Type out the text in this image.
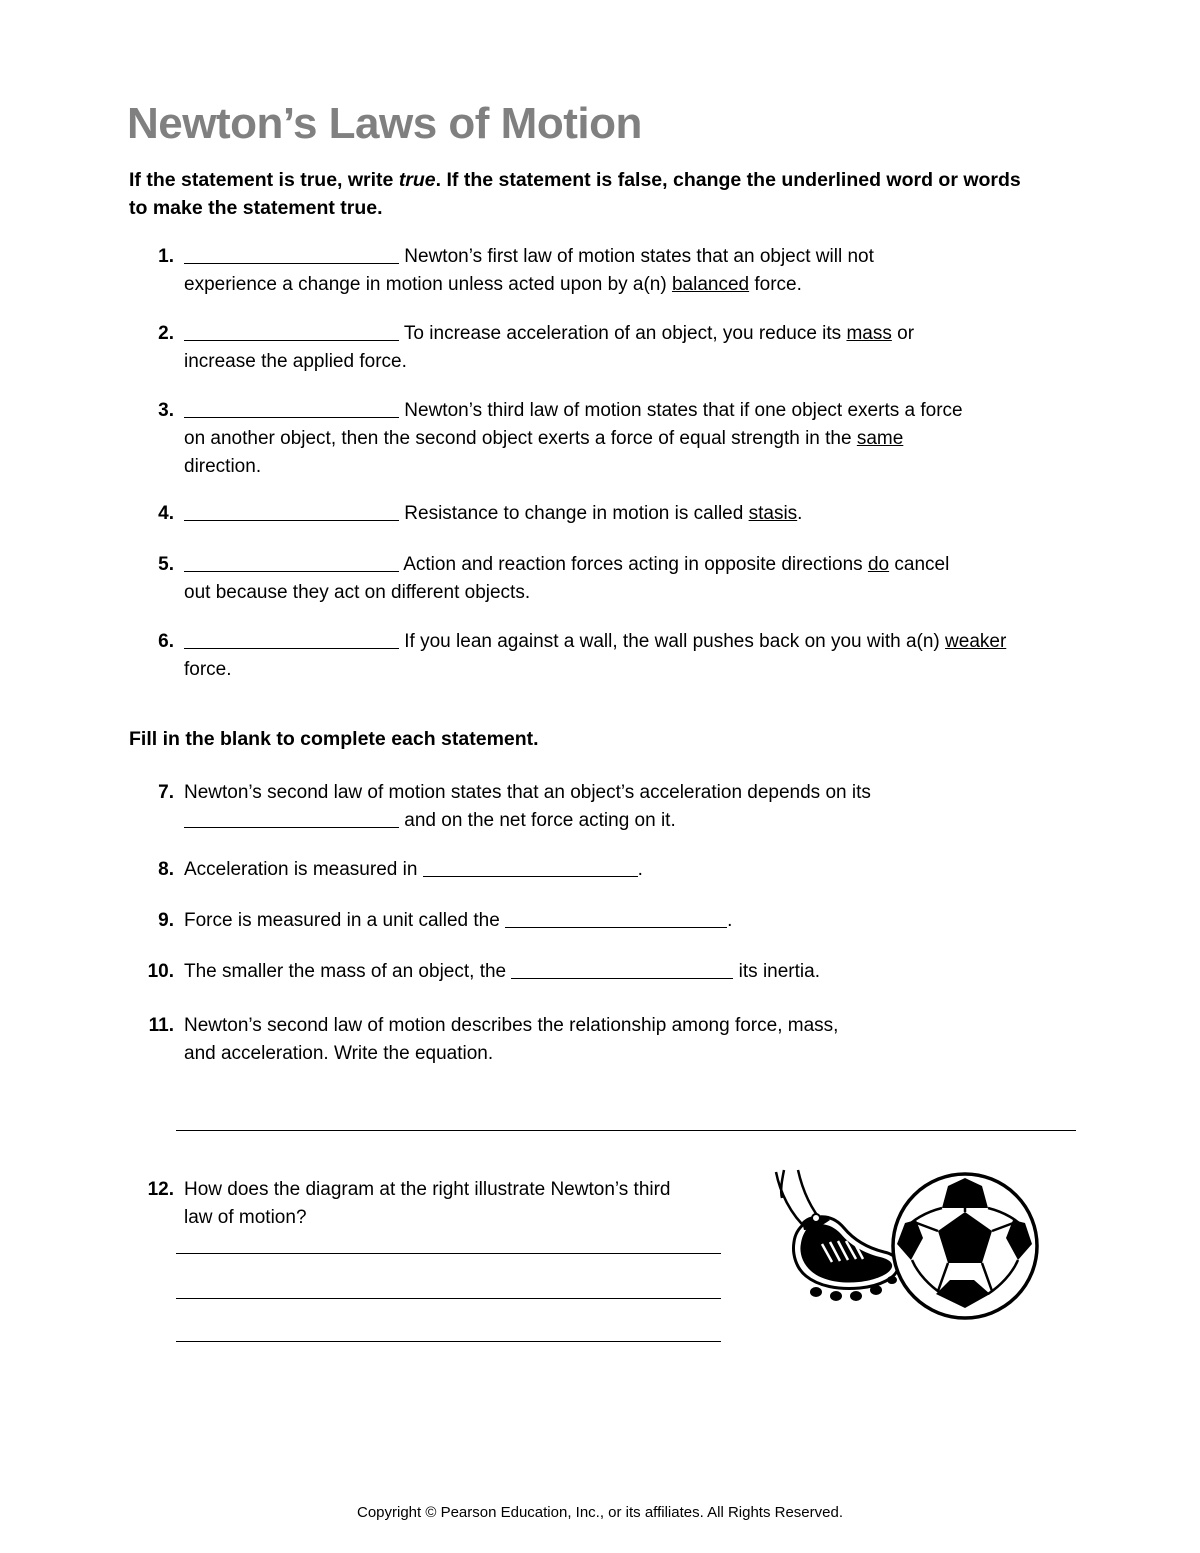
Newton’s Laws of Motion
If the statement is true, write true. If the statement is false, change the underlined word or words to make the statement true.
1.	Newton’s first law of motion states that an object will not experience a change in motion unless acted upon by a(n) balanced force.
2.	To increase acceleration of an object, you reduce its mass or increase the applied force.
3.	Newton’s third law of motion states that if one object exerts a force on another object, then the second object exerts a force of equal strength in the same direction.
4.	Resistance to change in motion is called stasis.
5.	Action and reaction forces acting in opposite directions do cancel out because they act on different objects.
6.	If you lean against a wall, the wall pushes back on you with a(n) weaker force.
Fill in the blank to complete each statement.
7. Newton’s second law of motion states that an object’s acceleration depends on its  and on the net force acting on it.
8. Acceleration is measured in	.
9. Force is measured in a unit called the	.
10. The smaller the mass of an object, the	its inertia.
11. Newton’s second law of motion describes the relationship among force, mass, and acceleration. Write the equation.
12. How does the diagram at the right illustrate Newton’s third law of motion?
Copyright © Pearson Education, Inc., or its affiliates. All Rights Reserved.
